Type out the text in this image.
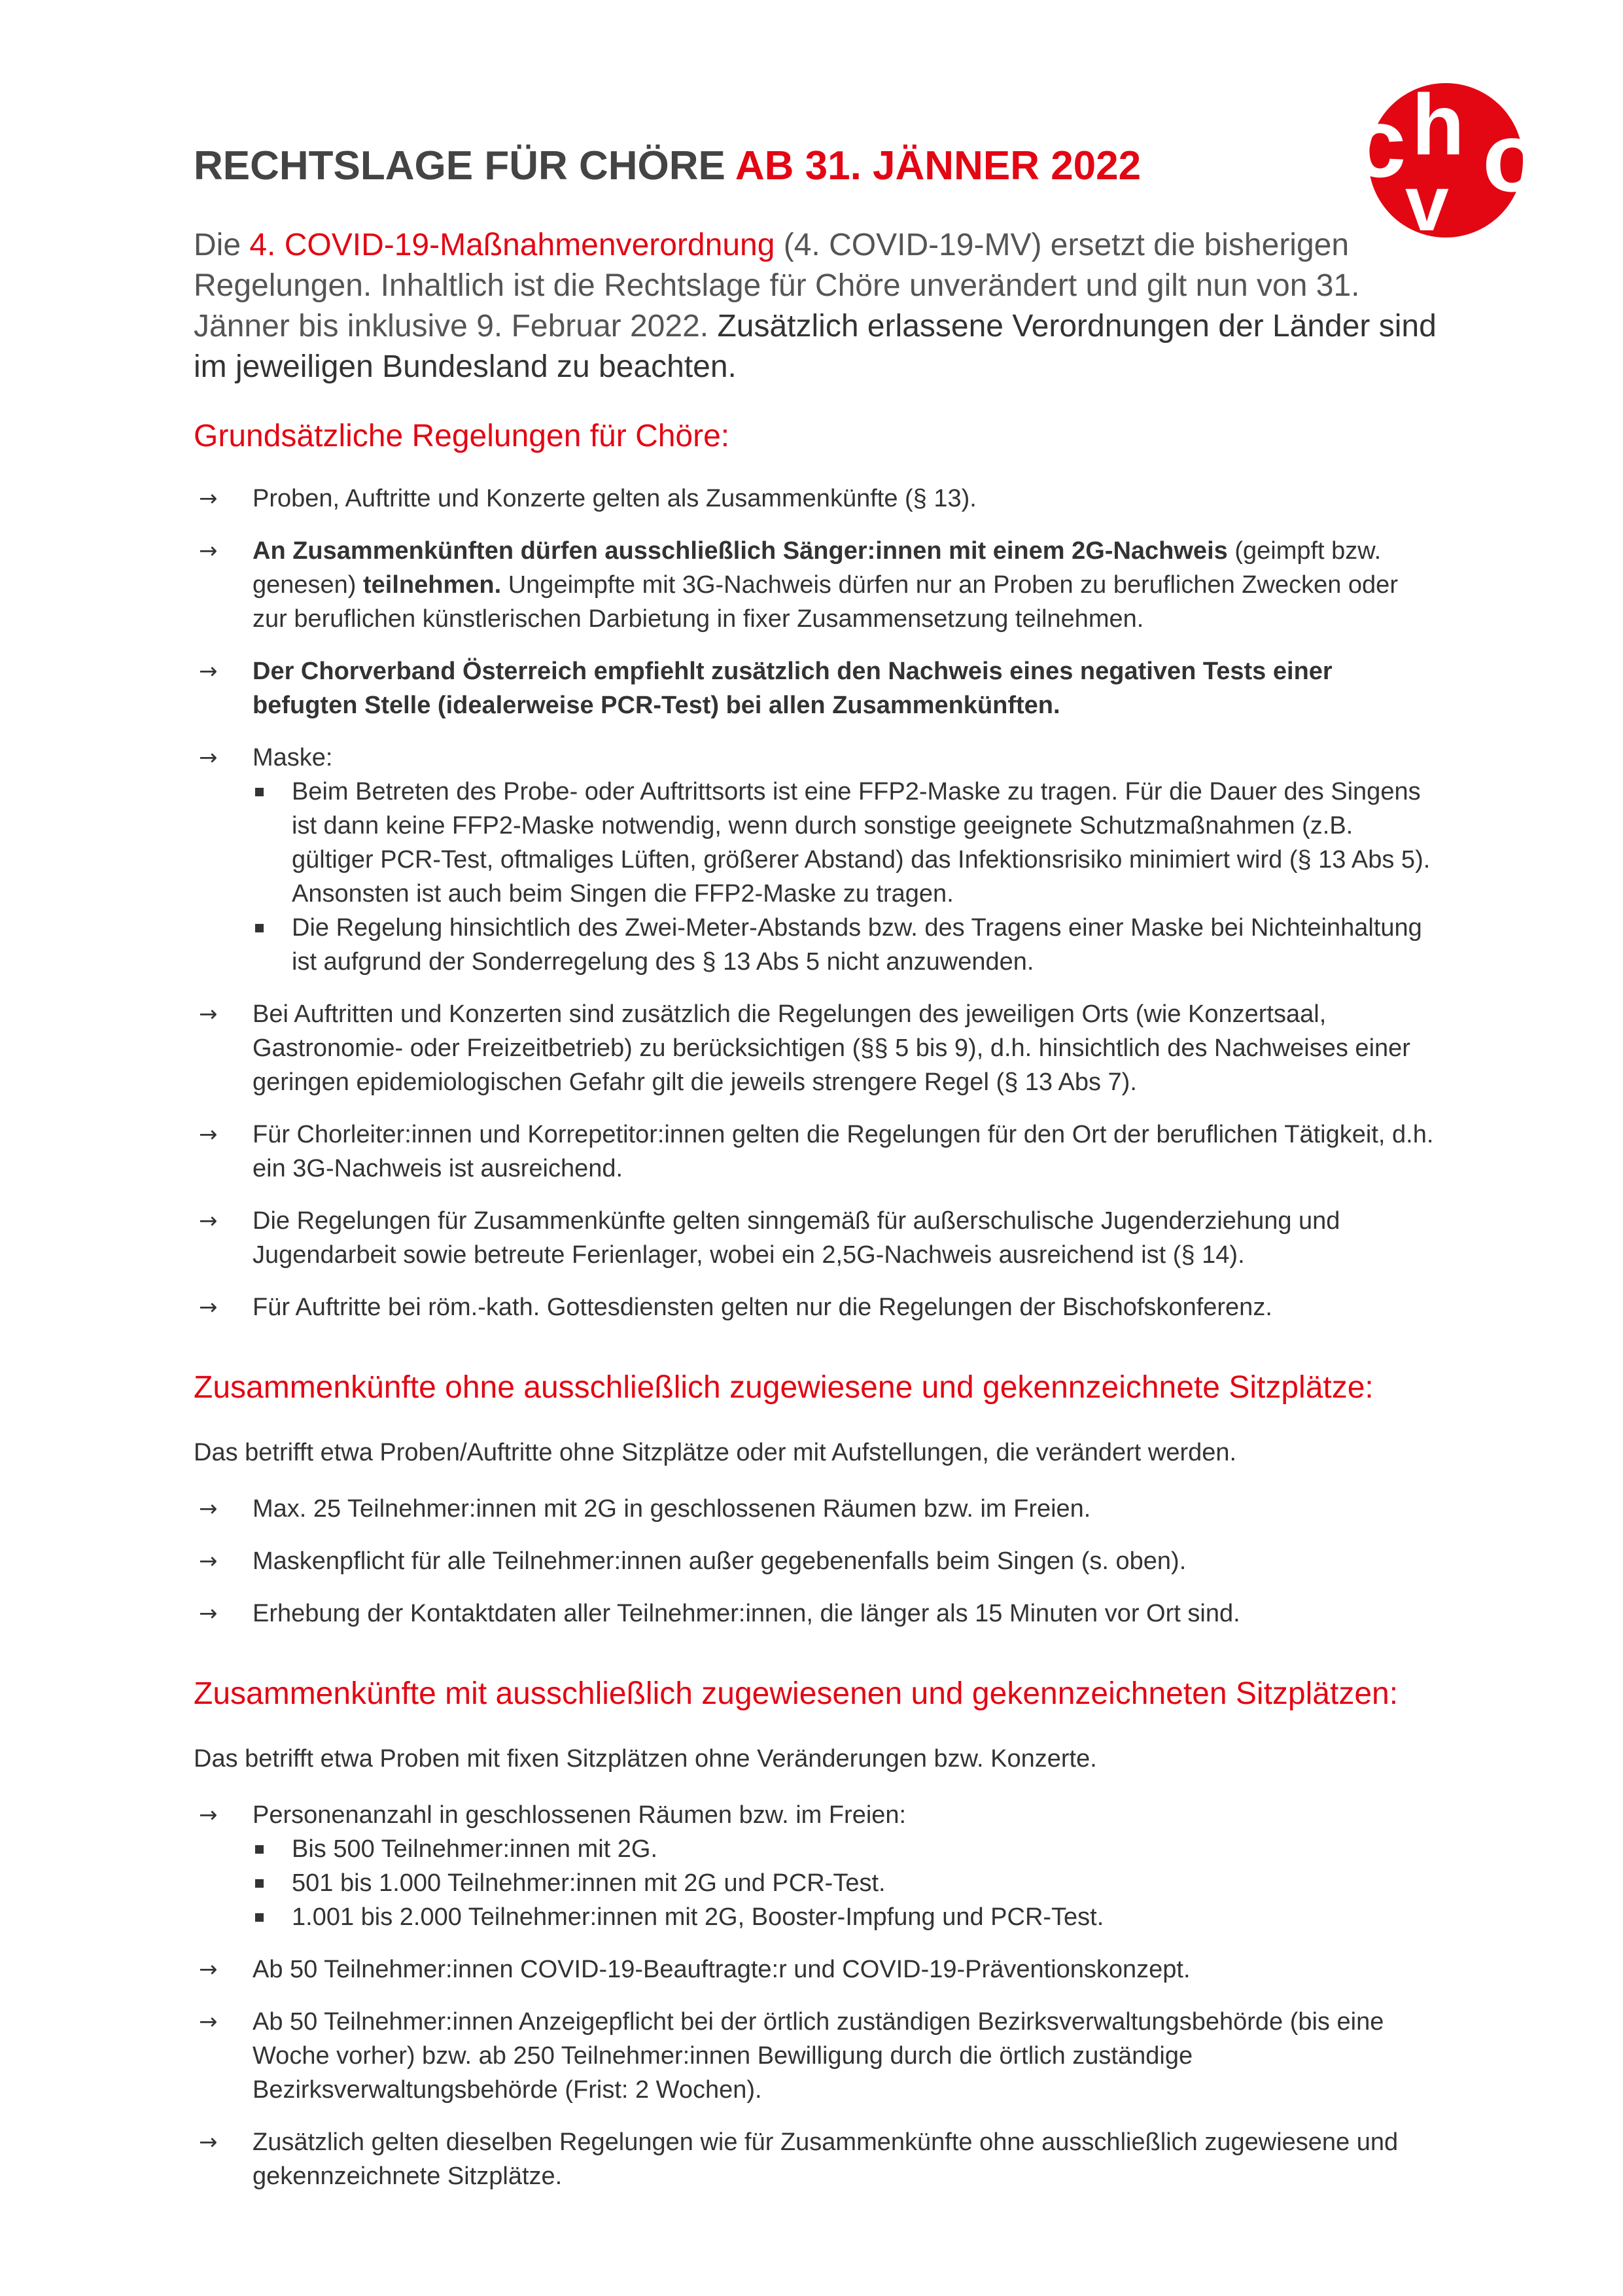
c h
v o
RECHTSLAGE FÜR CHÖRE AB 31. JÄNNER 2022

Die 4. COVID-19-Maßnahmenverordnung (4. COVID-19-MV) ersetzt die bisherigen Regelungen. Inhaltlich ist die Rechtslage für Chöre unverändert und gilt nun von 31. Jänner bis inklusive 9. Februar 2022. Zusätzlich erlassene Verordnungen der Länder sind im jeweiligen Bundesland zu beachten.

Grundsätzliche Regelungen für Chöre:
→ Proben, Auftritte und Konzerte gelten als Zusammenkünfte (§ 13).
→ An Zusammenkünften dürfen ausschließlich Sänger:innen mit einem 2G-Nachweis (geimpft bzw. genesen) teilnehmen. Ungeimpfte mit 3G-Nachweis dürfen nur an Proben zu beruflichen Zwecken oder zur beruflichen künstlerischen Darbietung in fixer Zusammensetzung teilnehmen.
→ Der Chorverband Österreich empfiehlt zusätzlich den Nachweis eines negativen Tests einer befugten Stelle (idealerweise PCR-Test) bei allen Zusammenkünften.
→ Maske:
Beim Betreten des Probe- oder Auftrittsorts ist eine FFP2-Maske zu tragen. Für die Dauer des Singens ist dann keine FFP2-Maske notwendig, wenn durch sonstige geeignete Schutzmaßnahmen (z.B. gültiger PCR-Test, oftmaliges Lüften, größerer Abstand) das Infektionsrisiko minimiert wird (§ 13 Abs 5). Ansonsten ist auch beim Singen die FFP2-Maske zu tragen.
Die Regelung hinsichtlich des Zwei-Meter-Abstands bzw. des Tragens einer Maske bei Nichteinhaltung ist aufgrund der Sonderregelung des § 13 Abs 5 nicht anzuwenden.
→ Bei Auftritten und Konzerten sind zusätzlich die Regelungen des jeweiligen Orts (wie Konzertsaal, Gastronomie- oder Freizeitbetrieb) zu berücksichtigen (§§ 5 bis 9), d.h. hinsichtlich des Nachweises einer geringen epidemiologischen Gefahr gilt die jeweils strengere Regel (§ 13 Abs 7).
→ Für Chorleiter:innen und Korrepetitor:innen gelten die Regelungen für den Ort der beruflichen Tätigkeit, d.h. ein 3G-Nachweis ist ausreichend.
→ Die Regelungen für Zusammenkünfte gelten sinngemäß für außerschulische Jugenderziehung und Jugendarbeit sowie betreute Ferienlager, wobei ein 2,5G-Nachweis ausreichend ist (§ 14).
→ Für Auftritte bei röm.-kath. Gottesdiensten gelten nur die Regelungen der Bischofskonferenz.
Zusammenkünfte ohne ausschließlich zugewiesene und gekennzeichnete Sitzplätze:

Das betrifft etwa Proben/Auftritte ohne Sitzplätze oder mit Aufstellungen, die verändert werden.

→ Max. 25 Teilnehmer:innen mit 2G in geschlossenen Räumen bzw. im Freien.
→ Maskenpflicht für alle Teilnehmer:innen außer gegebenenfalls beim Singen (s. oben).
→ Erhebung der Kontaktdaten aller Teilnehmer:innen, die länger als 15 Minuten vor Ort sind.
Zusammenkünfte mit ausschließlich zugewiesenen und gekennzeichneten Sitzplätzen:

Das betrifft etwa Proben mit fixen Sitzplätzen ohne Veränderungen bzw. Konzerte.

→ Personenanzahl in geschlossenen Räumen bzw. im Freien:
Bis 500 Teilnehmer:innen mit 2G.
501 bis 1.000 Teilnehmer:innen mit 2G und PCR-Test.
1.001 bis 2.000 Teilnehmer:innen mit 2G, Booster-Impfung und PCR-Test.
→ Ab 50 Teilnehmer:innen COVID-19-Beauftragte:r und COVID-19-Präventionskonzept.
→ Ab 50 Teilnehmer:innen Anzeigepflicht bei der örtlich zuständigen Bezirksverwaltungsbehörde (bis eine Woche vorher) bzw. ab 250 Teilnehmer:innen Bewilligung durch die örtlich zuständige Bezirksverwaltungsbehörde (Frist: 2 Wochen).
→ Zusätzlich gelten dieselben Regelungen wie für Zusammenkünfte ohne ausschließlich zugewiesene und gekennzeichnete Sitzplätze.
